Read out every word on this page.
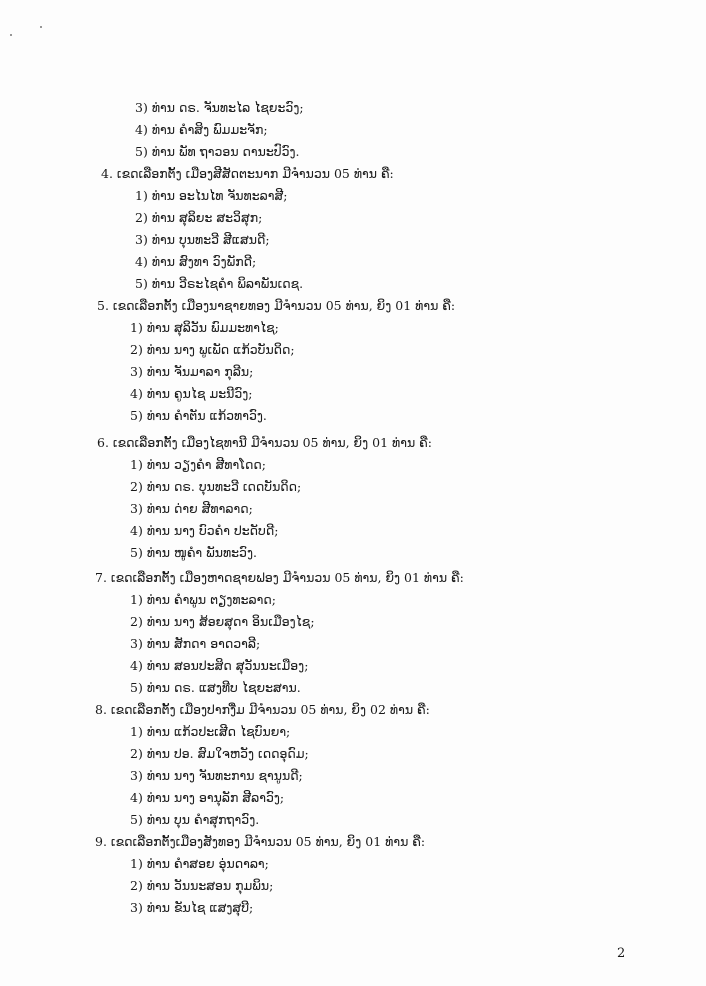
3) ທ່ານ ດຣ. ຈັນທະໄລ ໄຊຍະວົງ;
4) ທ່ານ ຄຳສິງ ພົມມະຈັກ;
5) ທ່ານ ພັທ ຖາວອນ ດານະປົວົງ.
4. ເຂດເລືອກຕັ້ງ ເມືອງສີສັດຕະນາກ ມີຈຳນວນ 05 ທ່ານ ຄື:
1) ທ່ານ ອະໄນໄທ ຈັນທະລາສີ;
2) ທ່ານ ສຸລິຍະ ສະວິສຸກ;
3) ທ່ານ ບຸນທະວີ ສີແສນດີ;
4) ທ່ານ ສົງທາ ວົງພັກດີ;
5) ທ່ານ ວີຣະໄຊຄຳ ພິລາພັນເດຊ.
5. ເຂດເລືອກຕັ້ງ ເມືອງນາຊາຍທອງ ມີຈຳນວນ 05 ທ່ານ, ຍິງ 01 ທ່ານ ຄື:
1) ທ່ານ ສຸລິວັນ ພົມມະທາໄຊ;
2) ທ່ານ ນາງ ພູເພັດ ແກ້ວບັນດິດ;
3) ທ່ານ ຈັນມາລາ ກຸລີນ;
4) ທ່ານ ຄູນໄຊ ມະນີວົງ;
5) ທ່ານ ຄຳຕັນ ແກ້ວທາວົງ.
6. ເຂດເລືອກຕັ້ງ ເມືອງໄຊທານີ ມີຈຳນວນ 05 ທ່ານ, ຍິງ 01 ທ່ານ ຄື:
1) ທ່ານ ວຽງຄຳ ສີທາໂດດ;
2) ທ່ານ ດຣ. ບຸນທະວີ ເດດບັນດິດ;
3) ທ່ານ ດ່າຍ ສີທາລາດ;
4) ທ່ານ ນາງ ບົວຄຳ ປະດັບດີ;
5) ທ່ານ ໜູຄຳ ພັນທະວົງ.
7. ເຂດເລືອກຕັ້ງ ເມືອງຫາດຊາຍຟອງ ມີຈຳນວນ 05 ທ່ານ, ຍິງ 01 ທ່ານ ຄື:
1) ທ່ານ ຄຳພູນ ຕຽງທະລາດ;
2) ທ່ານ ນາງ ສ້ອຍສຸດາ ອິນເມືອງໄຊ;
3) ທ່ານ ສັກດາ ອາດວາລີ;
4) ທ່ານ ສອນປະສິດ ສຸວັນນະເມືອງ;
5) ທ່ານ ດຣ. ແສງທີບ ໄຊຍະສານ.
8. ເຂດເລືອກຕັ້ງ ເມືອງປາກງື່ມ ມີຈຳນວນ 05 ທ່ານ, ຍິງ 02 ທ່ານ ຄື:
1) ທ່ານ ແກ້ວປະເສີດ ໄຊບົນຍາ;
2) ທ່ານ ປອ. ສົມໃຈຫວັງ ເດດອຸດົມ;
3) ທ່ານ ນາງ ຈັນທະການ ຊານູນດີ;
4) ທ່ານ ນາງ ອານຸລັກ ສີລາວົງ;
5) ທ່ານ ບຸນ ຄຳສຸກຖາວົງ.
9. ເຂດເລືອກຕັ້ງເມືອງສັງທອງ ມີຈຳນວນ 05 ທ່ານ, ຍິງ 01 ທ່ານ ຄື:
1) ທ່ານ ຄຳສອຍ ອຸ່ນດາລາ;
2) ທ່ານ ວັນນະສອນ ກຸມພິນ;
3) ທ່ານ ຂັນໄຊ ແສງສຸບີ;
2
